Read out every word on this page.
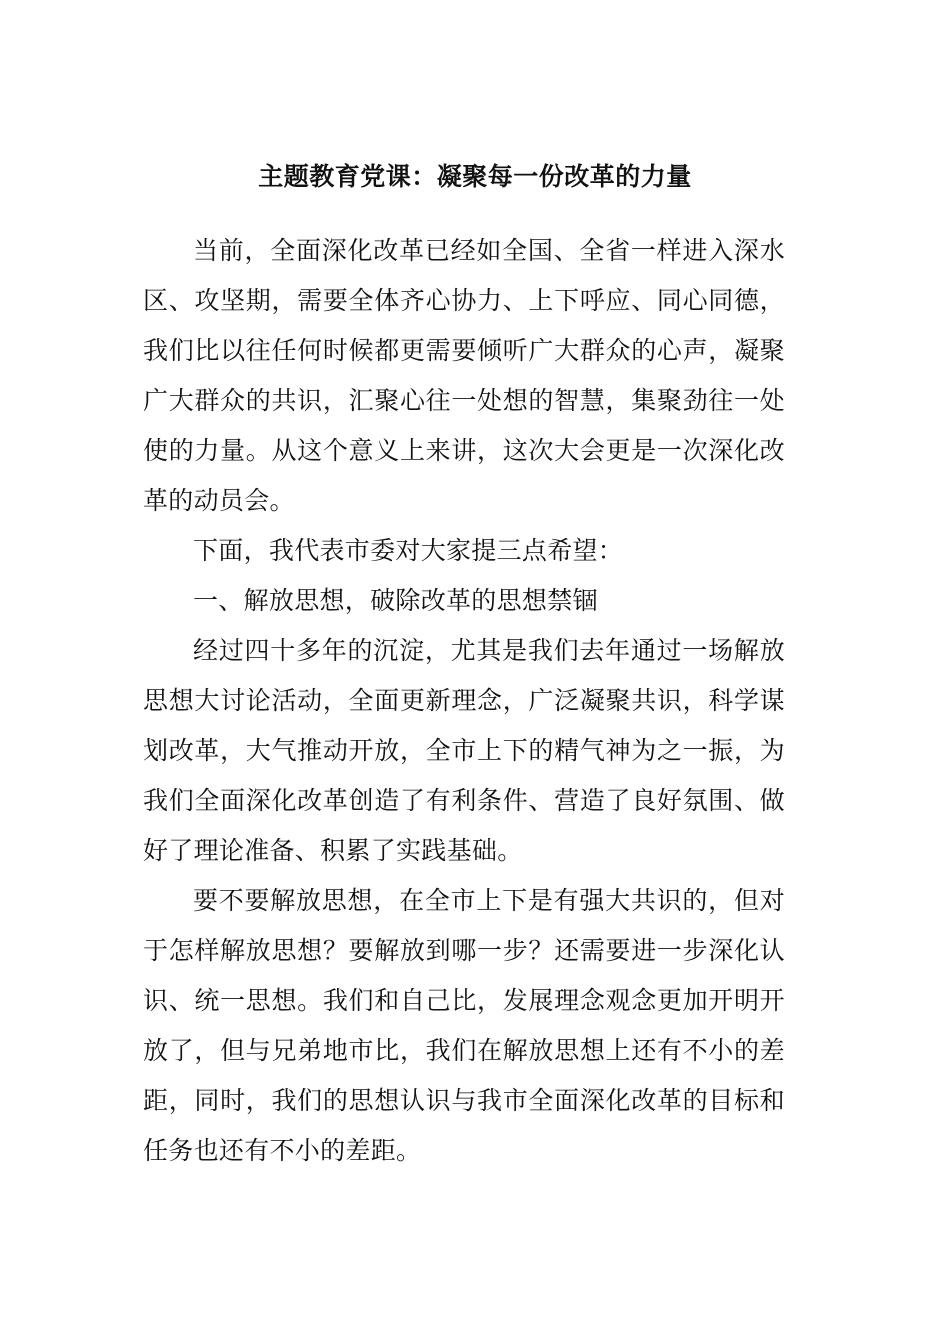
主题教育党课：凝聚每一份改革的力量

当前，全面深化改革已经如全国、全省一样进入深水区、攻坚期，需要全体齐心协力、上下呼应、同心同德，我们比以往任何时候都更需要倾听广大群众的心声，凝聚广大群众的共识，汇聚心往一处想的智慧，集聚劲往一处使的力量。从这个意义上来讲，这次大会更是一次深化改革的动员会。

下面，我代表市委对大家提三点希望：

一、解放思想，破除改革的思想禁锢

经过四十多年的沉淀，尤其是我们去年通过一场解放思想大讨论活动，全面更新理念，广泛凝聚共识，科学谋划改革，大气推动开放，全市上下的精气神为之一振，为我们全面深化改革创造了有利条件、营造了良好氛围、做好了理论准备、积累了实践基础。

要不要解放思想，在全市上下是有强大共识的，但对于怎样解放思想？要解放到哪一步？还需要进一步深化认识、统一思想。我们和自己比，发展理念观念更加开明开放了，但与兄弟地市比，我们在解放思想上还有不小的差距，同时，我们的思想认识与我市全面深化改革的目标和任务也还有不小的差距。
